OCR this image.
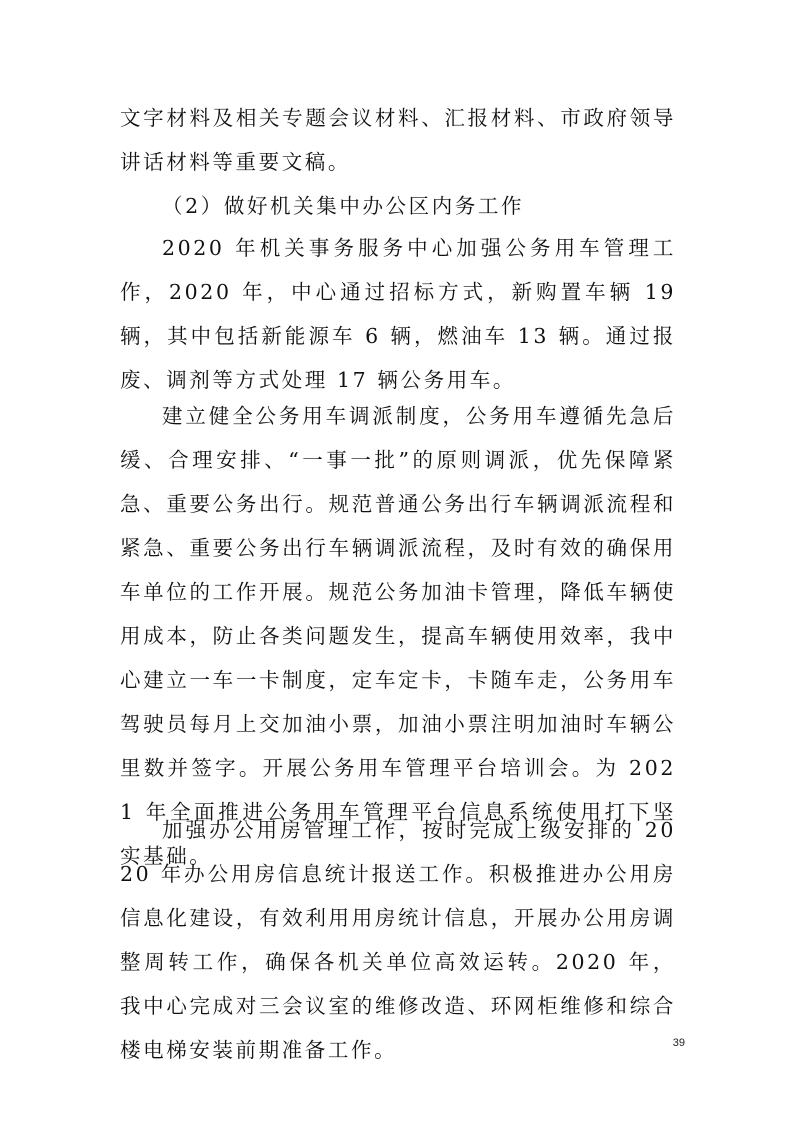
文字材料及相关专题会议材料、汇报材料、市政府领导讲话材料等重要文稿。

（2）做好机关集中办公区内务工作

2020 年机关事务服务中心加强公务用车管理工作，2020 年，中心通过招标方式，新购置车辆 19 辆，其中包括新能源车 6 辆，燃油车 13 辆。通过报废、调剂等方式处理 17 辆公务用车。

建立健全公务用车调派制度，公务用车遵循先急后缓、合理安排、“一事一批”的原则调派，优先保障紧急、重要公务出行。规范普通公务出行车辆调派流程和紧急、重要公务出行车辆调派流程，及时有效的确保用车单位的工作开展。规范公务加油卡管理，降低车辆使用成本，防止各类问题发生，提高车辆使用效率，我中心建立一车一卡制度，定车定卡，卡随车走，公务用车驾驶员每月上交加油小票，加油小票注明加油时车辆公里数并签字。开展公务用车管理平台培训会。为 2021 年全面推进公务用车管理平台信息系统使用打下坚实基础。

加强办公用房管理工作，按时完成上级安排的 2020 年办公用房信息统计报送工作。积极推进办公用房信息化建设，有效利用用房统计信息，开展办公用房调整周转工作，确保各机关单位高效运转。2020 年，我中心完成对三会议室的维修改造、环网柜维修和综合楼电梯安装前期准备工作。	39
